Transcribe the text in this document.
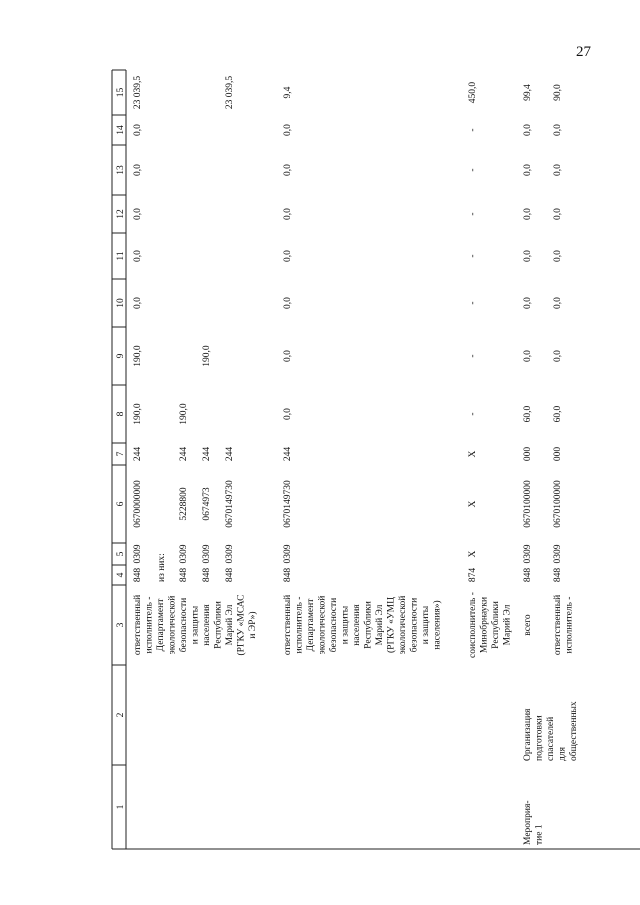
27
1
2
3
4
5
6
7
8
9
10
11
12
13
14
15
ответственный исполнитель - Департамент экологической безопасности и защиты населения Республики Марий Эл
848
0309
0670000000
244
190,0
190,0
0,0
0,0
0,0
0,0
0,0
23 039,5
из них: 848
0309
5228800
244
190,0
848
0309
0674973
244
190,0
(РГКУ «МСАС и ЭР»)
848
0309
0670149730
244
23 039,5
ответственный исполнитель - Департамент экологической безопасности и защиты населения Республики Марий Эл (РГКУ «УМЦ экологической безопасности и защиты населения»)
848
0309
0670149730
244
0,0
0,0
0,0
0,0
0,0
0,0
0,0
9,4
соисполнитель - Минобрнауки Республики Марий Эл
874
Х
Х
Х
-
-
-
-
-
-
-
450,0
Мероприя- тие 1
Организация подготовки спасателей для общественных
всего
848
0309
0670100000
000
60,0
0,0
0,0
0,0
0,0
0,0
0,0
99,4
ответственный исполнитель -
848
0309
0670100000
000
60,0
0,0
0,0
0,0
0,0
0,0
0,0
90,0
